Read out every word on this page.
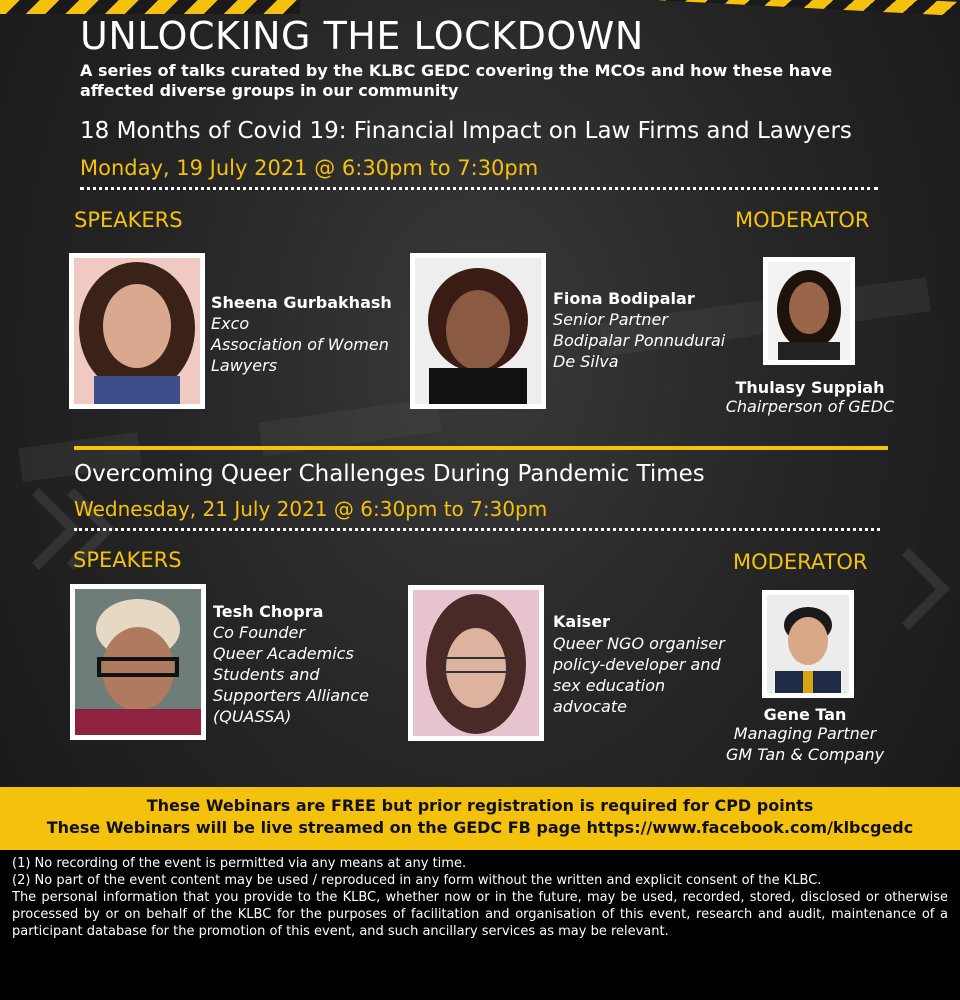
UNLOCKING THE LOCKDOWN

A series of talks curated by the KLBC GEDC covering the MCOs and how these have affected diverse groups in our community

18 Months of Covid 19: Financial Impact on Law Firms and Lawyers

Monday, 19 July 2021 @ 6:30pm to 7:30pm

SPEAKERS	MODERATOR

Sheena Gurbakhash

Exco
Association of Women
Lawyers

Fiona Bodipalar

Senior Partner
Bodipalar Ponnudurai
De Silva
Thulasy Suppiah
Chairperson of GEDC
Overcoming Queer Challenges During Pandemic Times

Wednesday, 21 July 2021 @ 6:30pm to 7:30pm

SPEAKERS	MODERATOR

Tesh Chopra

Co Founder
Queer Academics
Students and
Supporters Alliance
(QUASSA)

Kaiser

Queer NGO organiser
policy-developer and
sex education
advocate	Gene Tan
Managing Partner
GM Tan & Company

These Webinars are FREE but prior registration is required for CPD points

These Webinars will be live streamed on the GEDC FB page https://www.facebook.com/klbcgedc

(1) No recording of the event is permitted via any means at any time.

(2) No part of the event content may be used / reproduced in any form without the written and explicit consent of the KLBC.

The personal information that you provide to the KLBC, whether now or in the future, may be used, recorded, stored, disclosed or otherwise processed by or on behalf of the KLBC for the purposes of facilitation and organisation of this event, research and audit, maintenance of a participant database for the promotion of this event, and such ancillary services as may be relevant.
